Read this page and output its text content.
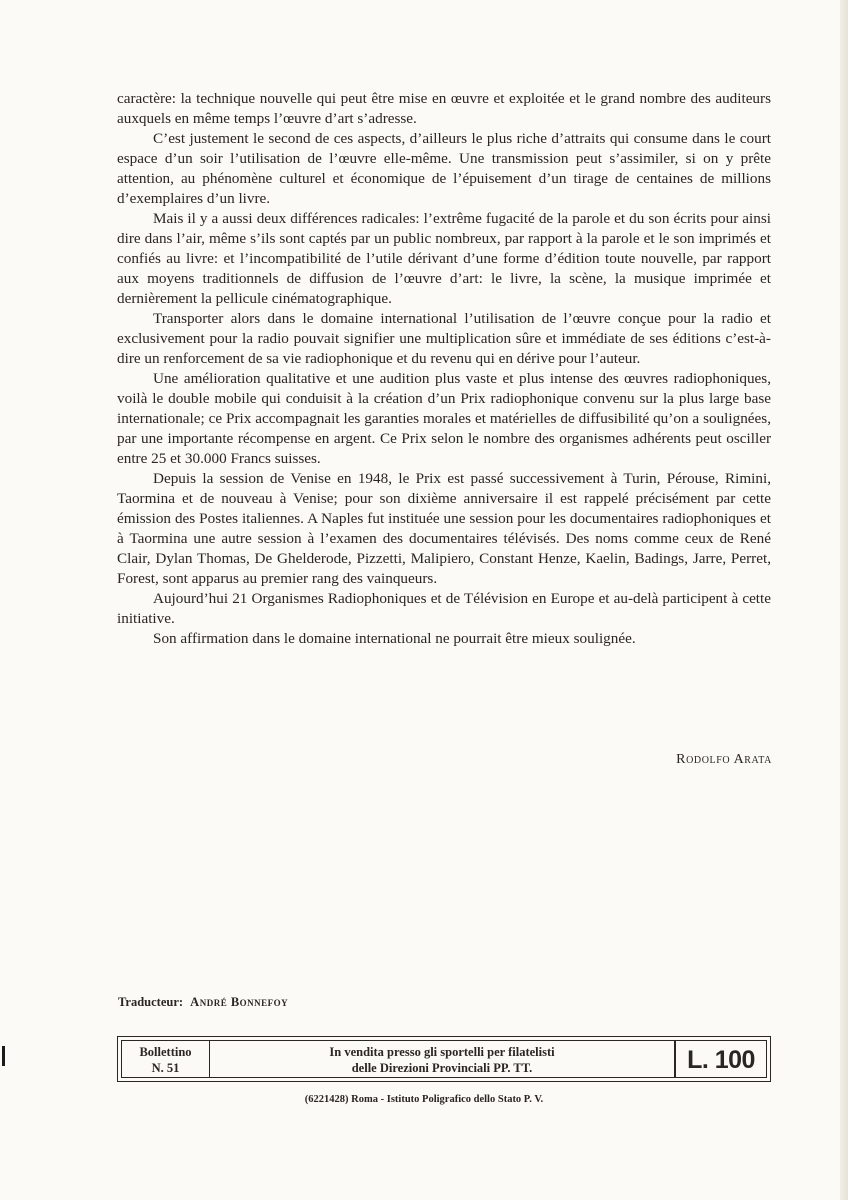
caractère: la technique nouvelle qui peut être mise en œuvre et exploitée et le grand nombre des auditeurs auxquels en même temps l’œuvre d’art s’adresse.

C’est justement le second de ces aspects, d’ailleurs le plus riche d’attraits qui consume dans le court espace d’un soir l’utilisation de l’œuvre elle-même. Une transmission peut s’assimiler, si on y prête attention, au phénomène culturel et économique de l’épuisement d’un tirage de centaines de millions d’exemplaires d’un livre.

Mais il y a aussi deux différences radicales: l’extrême fugacité de la parole et du son écrits pour ainsi dire dans l’air, même s’ils sont captés par un public nombreux, par rapport à la parole et le son imprimés et confiés au livre: et l’incompatibilité de l’utile dérivant d’une forme d’édition toute nouvelle, par rapport aux moyens traditionnels de diffusion de l’œuvre d’art: le livre, la scène, la musique imprimée et dernièrement la pellicule cinématographique.

Transporter alors dans le domaine international l’utilisation de l’œuvre conçue pour la radio et exclusivement pour la radio pouvait signifier une multiplication sûre et immédiate de ses éditions c’est-à-dire un renforcement de sa vie radiophonique et du revenu qui en dérive pour l’auteur.

Une amélioration qualitative et une audition plus vaste et plus intense des œuvres radiophoniques, voilà le double mobile qui conduisit à la création d’un Prix radiophonique convenu sur la plus large base internationale; ce Prix accompagnait les garanties morales et matérielles de diffusibilité qu’on a soulignées, par une importante récompense en argent. Ce Prix selon le nombre des organismes adhérents peut osciller entre 25 et 30.000 Francs suisses.

Depuis la session de Venise en 1948, le Prix est passé successivement à Turin, Pérouse, Rimini, Taormina et de nouveau à Venise; pour son dixième anniversaire il est rappelé précisément par cette émission des Postes italiennes. A Naples fut instituée une session pour les documentaires radiophoniques et à Taormina une autre session à l’examen des documentaires télévisés. Des noms comme ceux de René Clair, Dylan Thomas, De Ghelderode, Pizzetti, Malipiero, Constant Henze, Kaelin, Badings, Jarre, Perret, Forest, sont apparus au premier rang des vainqueurs.

Aujourd’hui 21 Organismes Radiophoniques et de Télévision en Europe et au-delà participent à cette initiative.

Son affirmation dans le domaine international ne pourrait être mieux soulignée.

Rodolfo Arata
Traducteur: André Bonnefoy
Bollettino
N. 51
In vendita presso gli sportelli per filatelisti
delle Direzioni Provinciali PP. TT.	L. 100
(6221428) Roma - Istituto Poligrafico dello Stato P. V.
